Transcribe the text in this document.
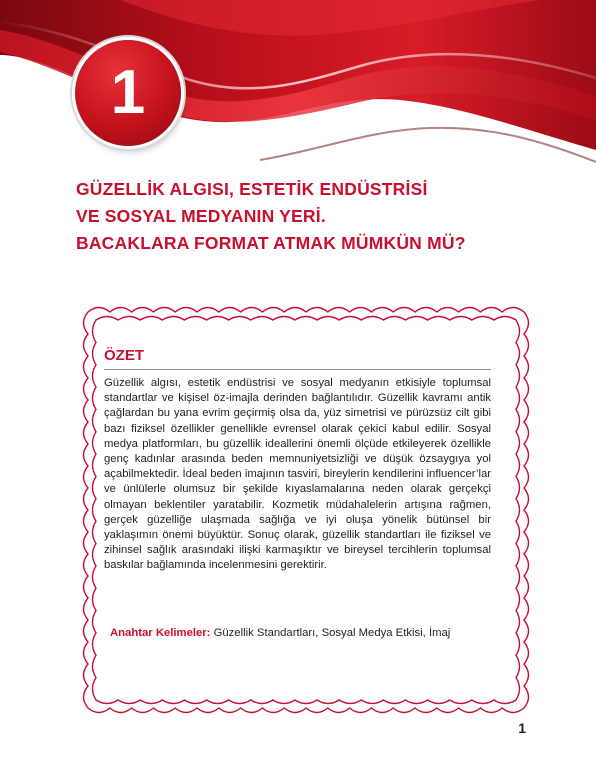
1
GÜZELLİK ALGISI, ESTETİK ENDÜSTRİSİ
VE SOSYAL MEDYANIN YERİ.
BACAKLARA FORMAT ATMAK MÜMKÜN MÜ?
ÖZET

Güzellik algısı, estetik endüstrisi ve sosyal medyanın etkisiyle toplumsal standartlar ve kişisel öz-imajla derinden bağlantılıdır. Güzellik kavramı antik çağlardan bu yana evrim geçirmiş olsa da, yüz simetrisi ve pürüzsüz cilt gibi bazı fiziksel özellikler genellikle evrensel olarak çekici kabul edilir. Sosyal medya platformları, bu güzellik ideallerini önemli ölçüde etkileyerek özellikle genç kadınlar arasında beden memnuniyetsizliği ve düşük özsaygıya yol açabilmektedir. İdeal beden imajının tasviri, bireylerin kendilerini influencer’lar ve ünlülerle olumsuz bir şekilde kıyaslamalarına neden olarak gerçekçi olmayan beklentiler yaratabilir. Kozmetik müdahalelerin artışına rağmen, gerçek güzelliğe ulaşmada sağlığa ve iyi oluşa yönelik bütünsel bir yaklaşımın önemi büyüktür. Sonuç olarak, güzellik standartları ile fiziksel ve zihinsel sağlık arasındaki ilişki karmaşıktır ve bireysel tercihlerin toplumsal baskılar bağlamında incelenmesini gerektirir.

Anahtar Kelimeler: Güzellik Standartları, Sosyal Medya Etkisi, İmaj

1
